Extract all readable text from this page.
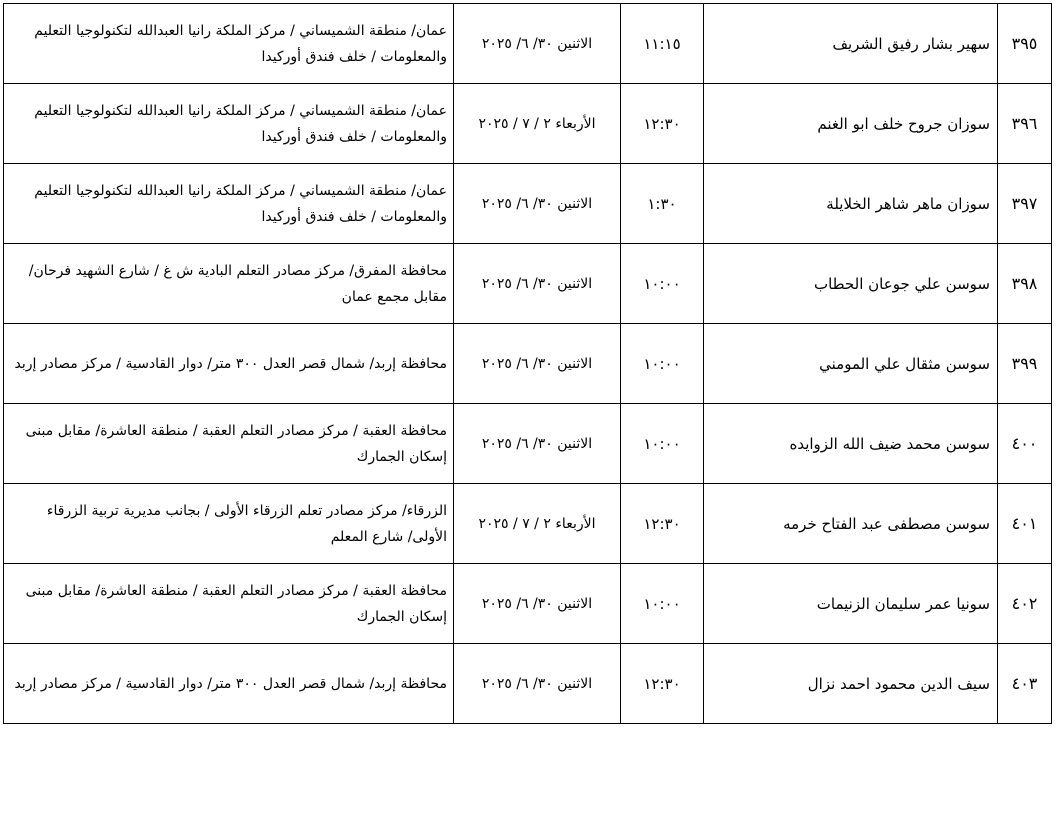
٣٩٥	سهير بشار رفيق الشريف	١١:١٥	الاثنين ٣٠/ ٦/ ٢٠٢٥	عمان/ منطقة الشميساني / مركز الملكة رانيا العبدالله لتكنولوجيا التعليم والمعلومات / خلف فندق أوركيدا
٣٩٦	سوزان جروح خلف ابو الغنم	١٢:٣٠	الأربعاء ٢ / ٧ / ٢٠٢٥	عمان/ منطقة الشميساني / مركز الملكة رانيا العبدالله لتكنولوجيا التعليم والمعلومات / خلف فندق أوركيدا
٣٩٧	سوزان ماهر شاهر الخلايلة	١:٣٠	الاثنين ٣٠/ ٦/ ٢٠٢٥	عمان/ منطقة الشميساني / مركز الملكة رانيا العبدالله لتكنولوجيا التعليم والمعلومات / خلف فندق أوركيدا
٣٩٨	سوسن علي جوعان الحطاب	١٠:٠٠	الاثنين ٣٠/ ٦/ ٢٠٢٥	محافظة المفرق/ مركز مصادر التعلم البادية ش غ / شارع الشهيد فرحان/ مقابل مجمع عمان
٣٩٩	سوسن مثقال علي المومني	١٠:٠٠	الاثنين ٣٠/ ٦/ ٢٠٢٥	محافظة إربد/ شمال قصر العدل ٣٠٠ متر/ دوار القادسية / مركز مصادر إربد
٤٠٠	سوسن محمد ضيف الله الزوايده	١٠:٠٠	الاثنين ٣٠/ ٦/ ٢٠٢٥	محافظة العقبة / مركز مصادر التعلم العقبة / منطقة العاشرة/ مقابل مبنى إسكان الجمارك
٤٠١	سوسن مصطفى عبد الفتاح خرمه	١٢:٣٠	الأربعاء ٢ / ٧ / ٢٠٢٥	الزرقاء/ مركز مصادر تعلم الزرقاء الأولى / بجانب مديرية تربية الزرقاء الأولى/ شارع المعلم
٤٠٢	سونيا عمر سليمان الزنيمات	١٠:٠٠	الاثنين ٣٠/ ٦/ ٢٠٢٥	محافظة العقبة / مركز مصادر التعلم العقبة / منطقة العاشرة/ مقابل مبنى إسكان الجمارك
٤٠٣	سيف الدين محمود احمد نزال	١٢:٣٠	الاثنين ٣٠/ ٦/ ٢٠٢٥	محافظة إربد/ شمال قصر العدل ٣٠٠ متر/ دوار القادسية / مركز مصادر إربد
